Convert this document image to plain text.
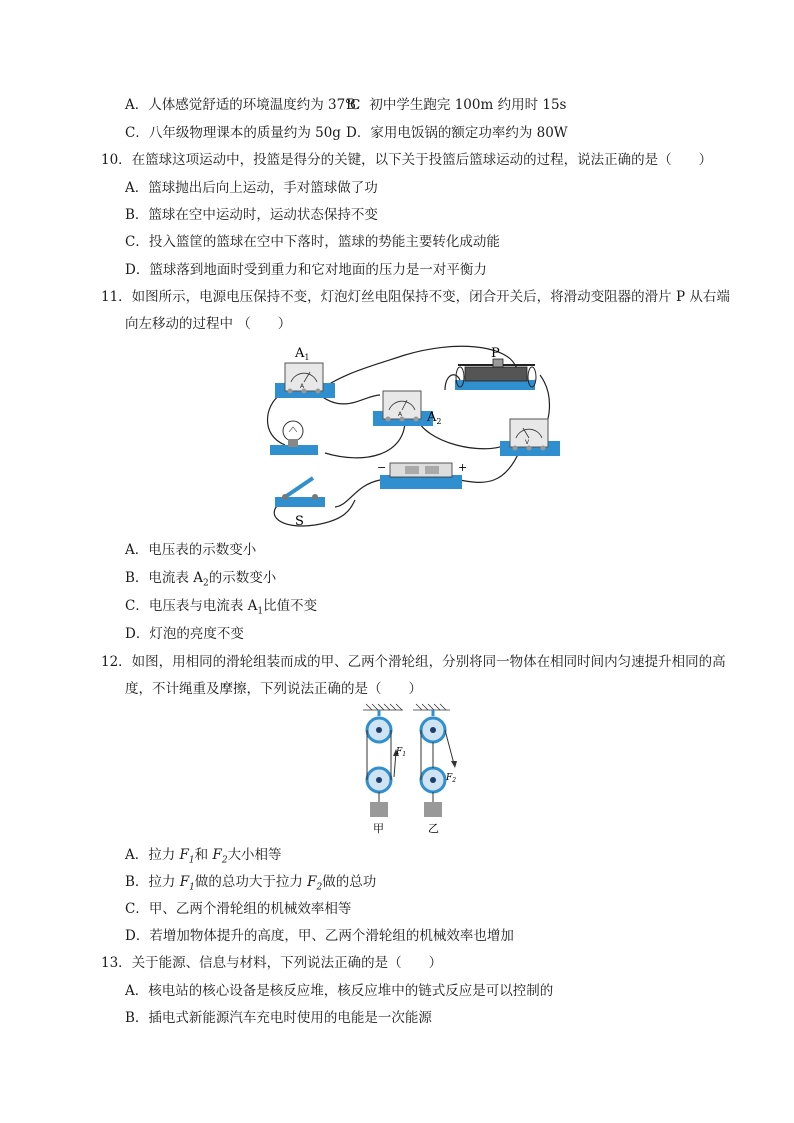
A．人体感觉舒适的环境温度约为 37℃
B．初中学生跑完 100m 约用时 15s
C．八年级物理课本的质量约为 50g D．家用电饭锅的额定功率约为 80W
10．在篮球这项运动中，投篮是得分的关键，以下关于投篮后篮球运动的过程，说法正确的是（　　）
A．篮球抛出后向上运动，手对篮球做了功
B．篮球在空中运动时，运动状态保持不变
C．投入篮筐的篮球在空中下落时，篮球的势能主要转化成动能
D．篮球落到地面时受到重力和它对地面的压力是一对平衡力
11．如图所示，电源电压保持不变，灯泡灯丝电阻保持不变，闭合开关后，将滑动变阻器的滑片 P 从右端
向左移动的过程中 （　　）
A
$A_1$
A $A_2$
V
P
S
−	+
A．电压表的示数变小
B．电流表 $A_2$的示数变小
C．电压表与电流表 $A_1$比值不变
D．灯泡的亮度不变
12．如图，用相同的滑轮组装而成的甲、乙两个滑轮组，分别将同一物体在相同时间内匀速提升相同的高
度，不计绳重及摩擦，下列说法正确的是（　　）
$F_1$
甲
$F_2$
乙
A．拉力 $F_1$和 $F_2$大小相等
B．拉力 $F_1$做的总功大于拉力 $F_2$做的总功
C．甲、乙两个滑轮组的机械效率相等
D．若增加物体提升的高度，甲、乙两个滑轮组的机械效率也增加
13．关于能源、信息与材料，下列说法正确的是（　　）
A．核电站的核心设备是核反应堆，核反应堆中的链式反应是可以控制的
B．插电式新能源汽车充电时使用的电能是一次能源
